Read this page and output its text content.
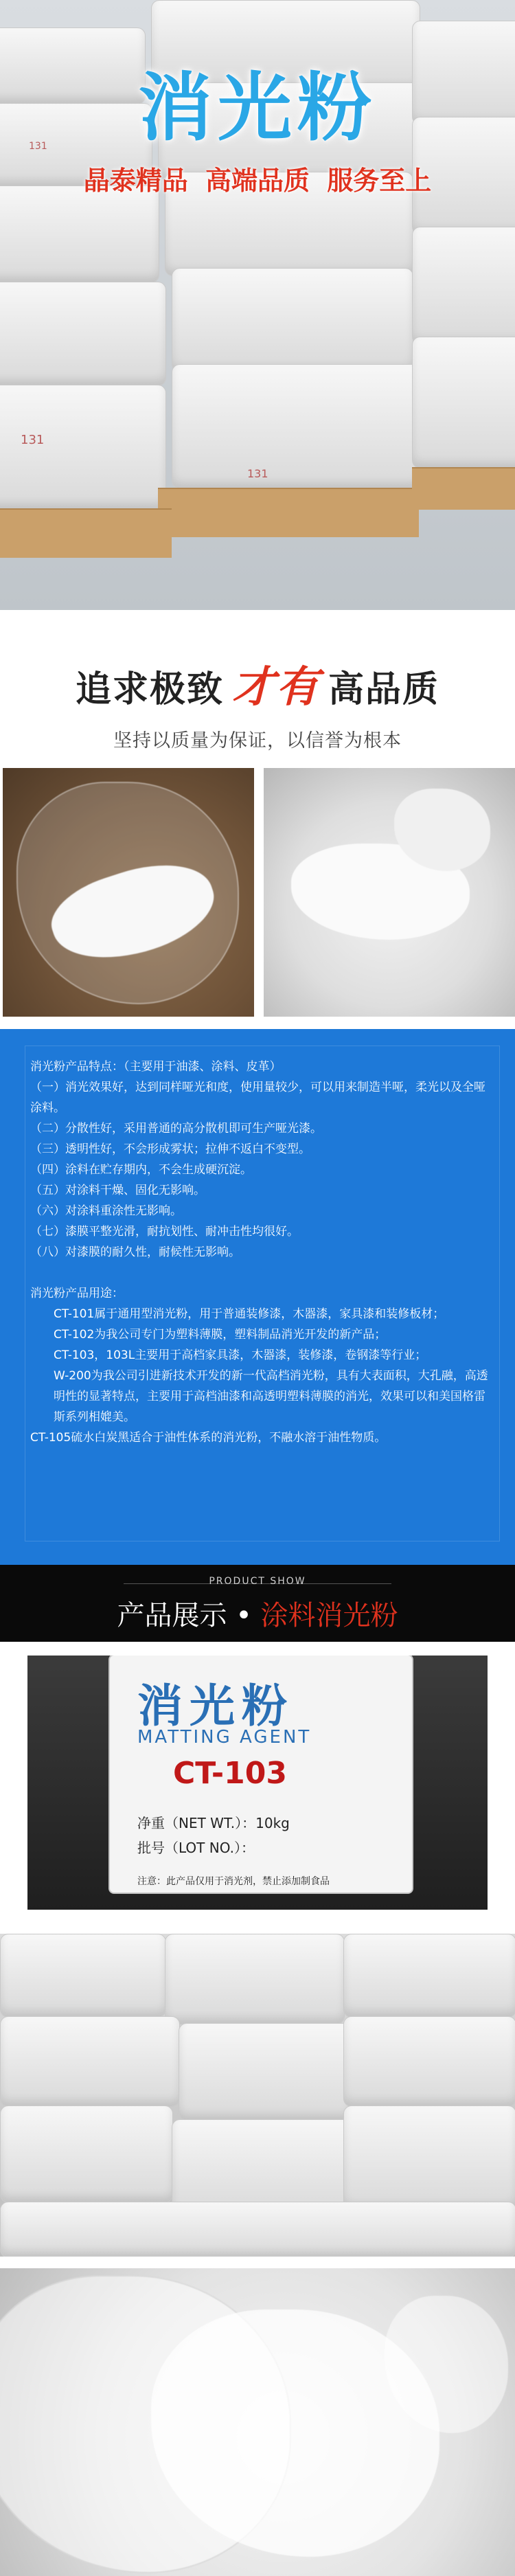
131
131
131	消光粉
晶泰精品 高端品质 服务至上
追求极致 才有 高品质
坚持以质量为保证，以信誉为根本

消光粉产品特点：（主要用于油漆、涂料、皮革）

（一）消光效果好，达到同样哑光和度，使用量较少，可以用来制造半哑，柔光以及全哑涂料。

（二）分散性好，采用普通的高分散机即可生产哑光漆。

（三）透明性好，不会形成雾状；拉伸不返白不变型。

（四）涂料在贮存期内，不会生成硬沉淀。

（五）对涂料干燥、固化无影响。

（六）对涂料重涂性无影响。

（七）漆膜平整光滑，耐抗划性、耐冲击性均很好。

（八）对漆膜的耐久性，耐候性无影响。

消光粉产品用途：

CT-101属于通用型消光粉，用于普通装修漆，木器漆，家具漆和装修板材；

CT-102为我公司专门为塑料薄膜，塑料制品消光开发的新产品；

CT-103，103L主要用于高档家具漆，木器漆，装修漆，卷钢漆等行业；

W-200为我公司引进新技术开发的新一代高档消光粉，具有大表面积，大孔融，高透明性的显著特点，主要用于高档油漆和高透明塑料薄膜的消光，效果可以和美国格雷斯系列相媲美。

CT-105硫水白炭黑适合于油性体系的消光粉，不融水溶于油性物质。

PRODUCT SHOW
产品展示 • 涂料消光粉
消光粉
MATTING AGENT
CT-103
净重（NET WT.）：10kg
批号（LOT NO.）：
注意：此产品仅用于消光剂，禁止添加制食品
